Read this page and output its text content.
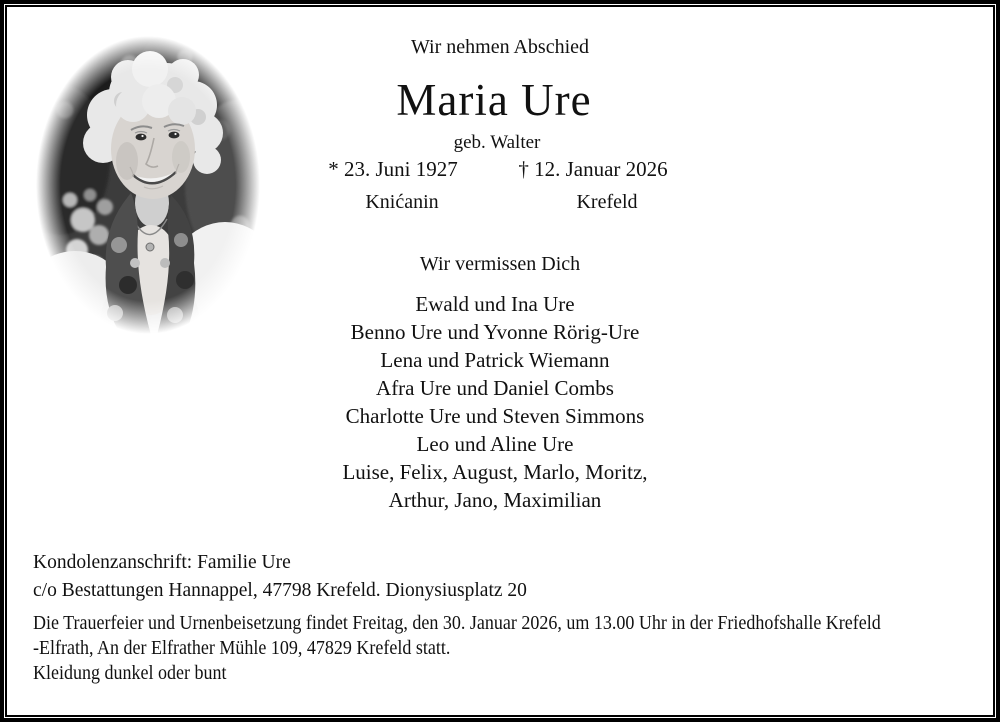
Wir nehmen Abschied
Maria Ure
geb. Walter
* 23. Juni 1927	† 12. Januar 2026
Knićanin	Krefeld
Wir vermissen Dich
Ewald und Ina Ure
Benno Ure und Yvonne Rörig-Ure
Lena und Patrick Wiemann
Afra Ure und Daniel Combs
Charlotte Ure und Steven Simmons
Leo und Aline Ure
Luise, Felix, August, Marlo, Moritz,
Arthur, Jano, Maximilian
Kondolenzanschrift: Familie Ure
c/o Bestattungen Hannappel, 47798 Krefeld. Dionysiusplatz 20
Die Trauerfeier und Urnenbeisetzung findet Freitag, den 30. Januar 2026, um 13.00 Uhr in der Friedhofshalle Krefeld
-Elfrath, An der Elfrather Mühle 109, 47829 Krefeld statt.
Kleidung dunkel oder bunt
